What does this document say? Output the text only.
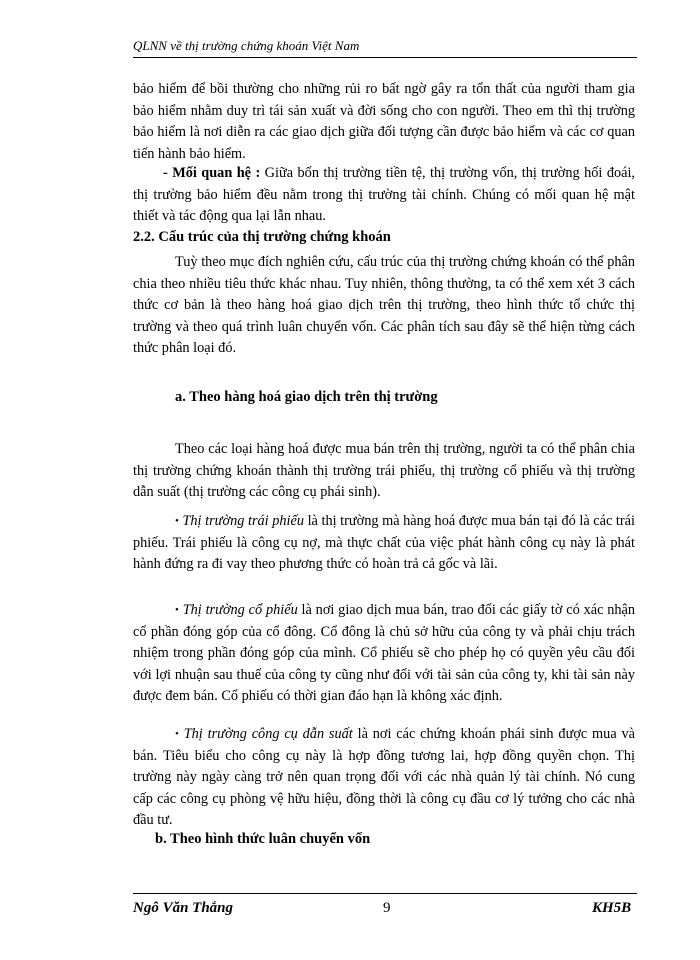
QLNN về thị trường chứng khoán Việt Nam

bảo hiểm để bồi thường cho những rủi ro bất ngờ gây ra tổn thất của người tham gia bảo hiểm nhằm duy trì tái sản xuất và đời sống cho con người. Theo em thì thị trường bảo hiểm là nơi diễn ra các giao dịch giữa đối tượng cần được bảo hiểm và các cơ quan tiến hành bảo hiểm.

- Mối quan hệ : Giữa bốn thị trường tiền tệ, thị trường vốn, thị trường hối đoái, thị trường bảo hiểm đều nằm trong thị trường tài chính. Chúng có mối quan hệ mật thiết và tác động qua lại lẫn nhau.

2.2. Cấu trúc của thị trường chứng khoán

Tuỳ theo mục đích nghiên cứu, cấu trúc của thị trường chứng khoán có thể phân chia theo nhiều tiêu thức khác nhau. Tuy nhiên, thông thường, ta có thể xem xét 3 cách thức cơ bản là theo hàng hoá giao dịch trên thị trường, theo hình thức tổ chức thị trường và theo quá trình luân chuyển vốn. Các phân tích sau đây sẽ thể hiện từng cách thức phân loại đó.

a. Theo hàng hoá giao dịch trên thị trường

Theo các loại hàng hoá được mua bán trên thị trường, người ta có thể phân chia thị trường chứng khoán thành thị trường trái phiếu, thị trường cổ phiếu và thị trường dẫn suất (thị trường các công cụ phái sinh).

• Thị trường trái phiếu là thị trường mà hàng hoá được mua bán tại đó là các trái phiếu. Trái phiếu là công cụ nợ, mà thực chất của việc phát hành công cụ này là phát hành đứng ra đi vay theo phương thức có hoàn trả cả gốc và lãi.

• Thị trường cổ phiếu là nơi giao dịch mua bán, trao đổi các giấy tờ có xác nhận cổ phần đóng góp của cổ đông. Cổ đông là chủ sở hữu của công ty và phải chịu trách nhiệm trong phần đóng góp của mình. Cổ phiếu sẽ cho phép họ có quyền yêu cầu đối với lợi nhuận sau thuế của công ty cũng như đối với tài sản của công ty, khi tài sản này được đem bán. Cổ phiếu có thời gian đáo hạn là không xác định.

• Thị trường công cụ dẫn suất là nơi các chứng khoán phái sinh được mua và bán. Tiêu biểu cho công cụ này là hợp đồng tương lai, hợp đồng quyền chọn. Thị trường này ngày càng trở nên quan trọng đối với các nhà quản lý tài chính. Nó cung cấp các công cụ phòng vệ hữu hiệu, đồng thời là công cụ đầu cơ lý tưởng cho các nhà đầu tư.

b. Theo hình thức luân chuyển vốn
Ngô Văn Thắng	9	KH5B
